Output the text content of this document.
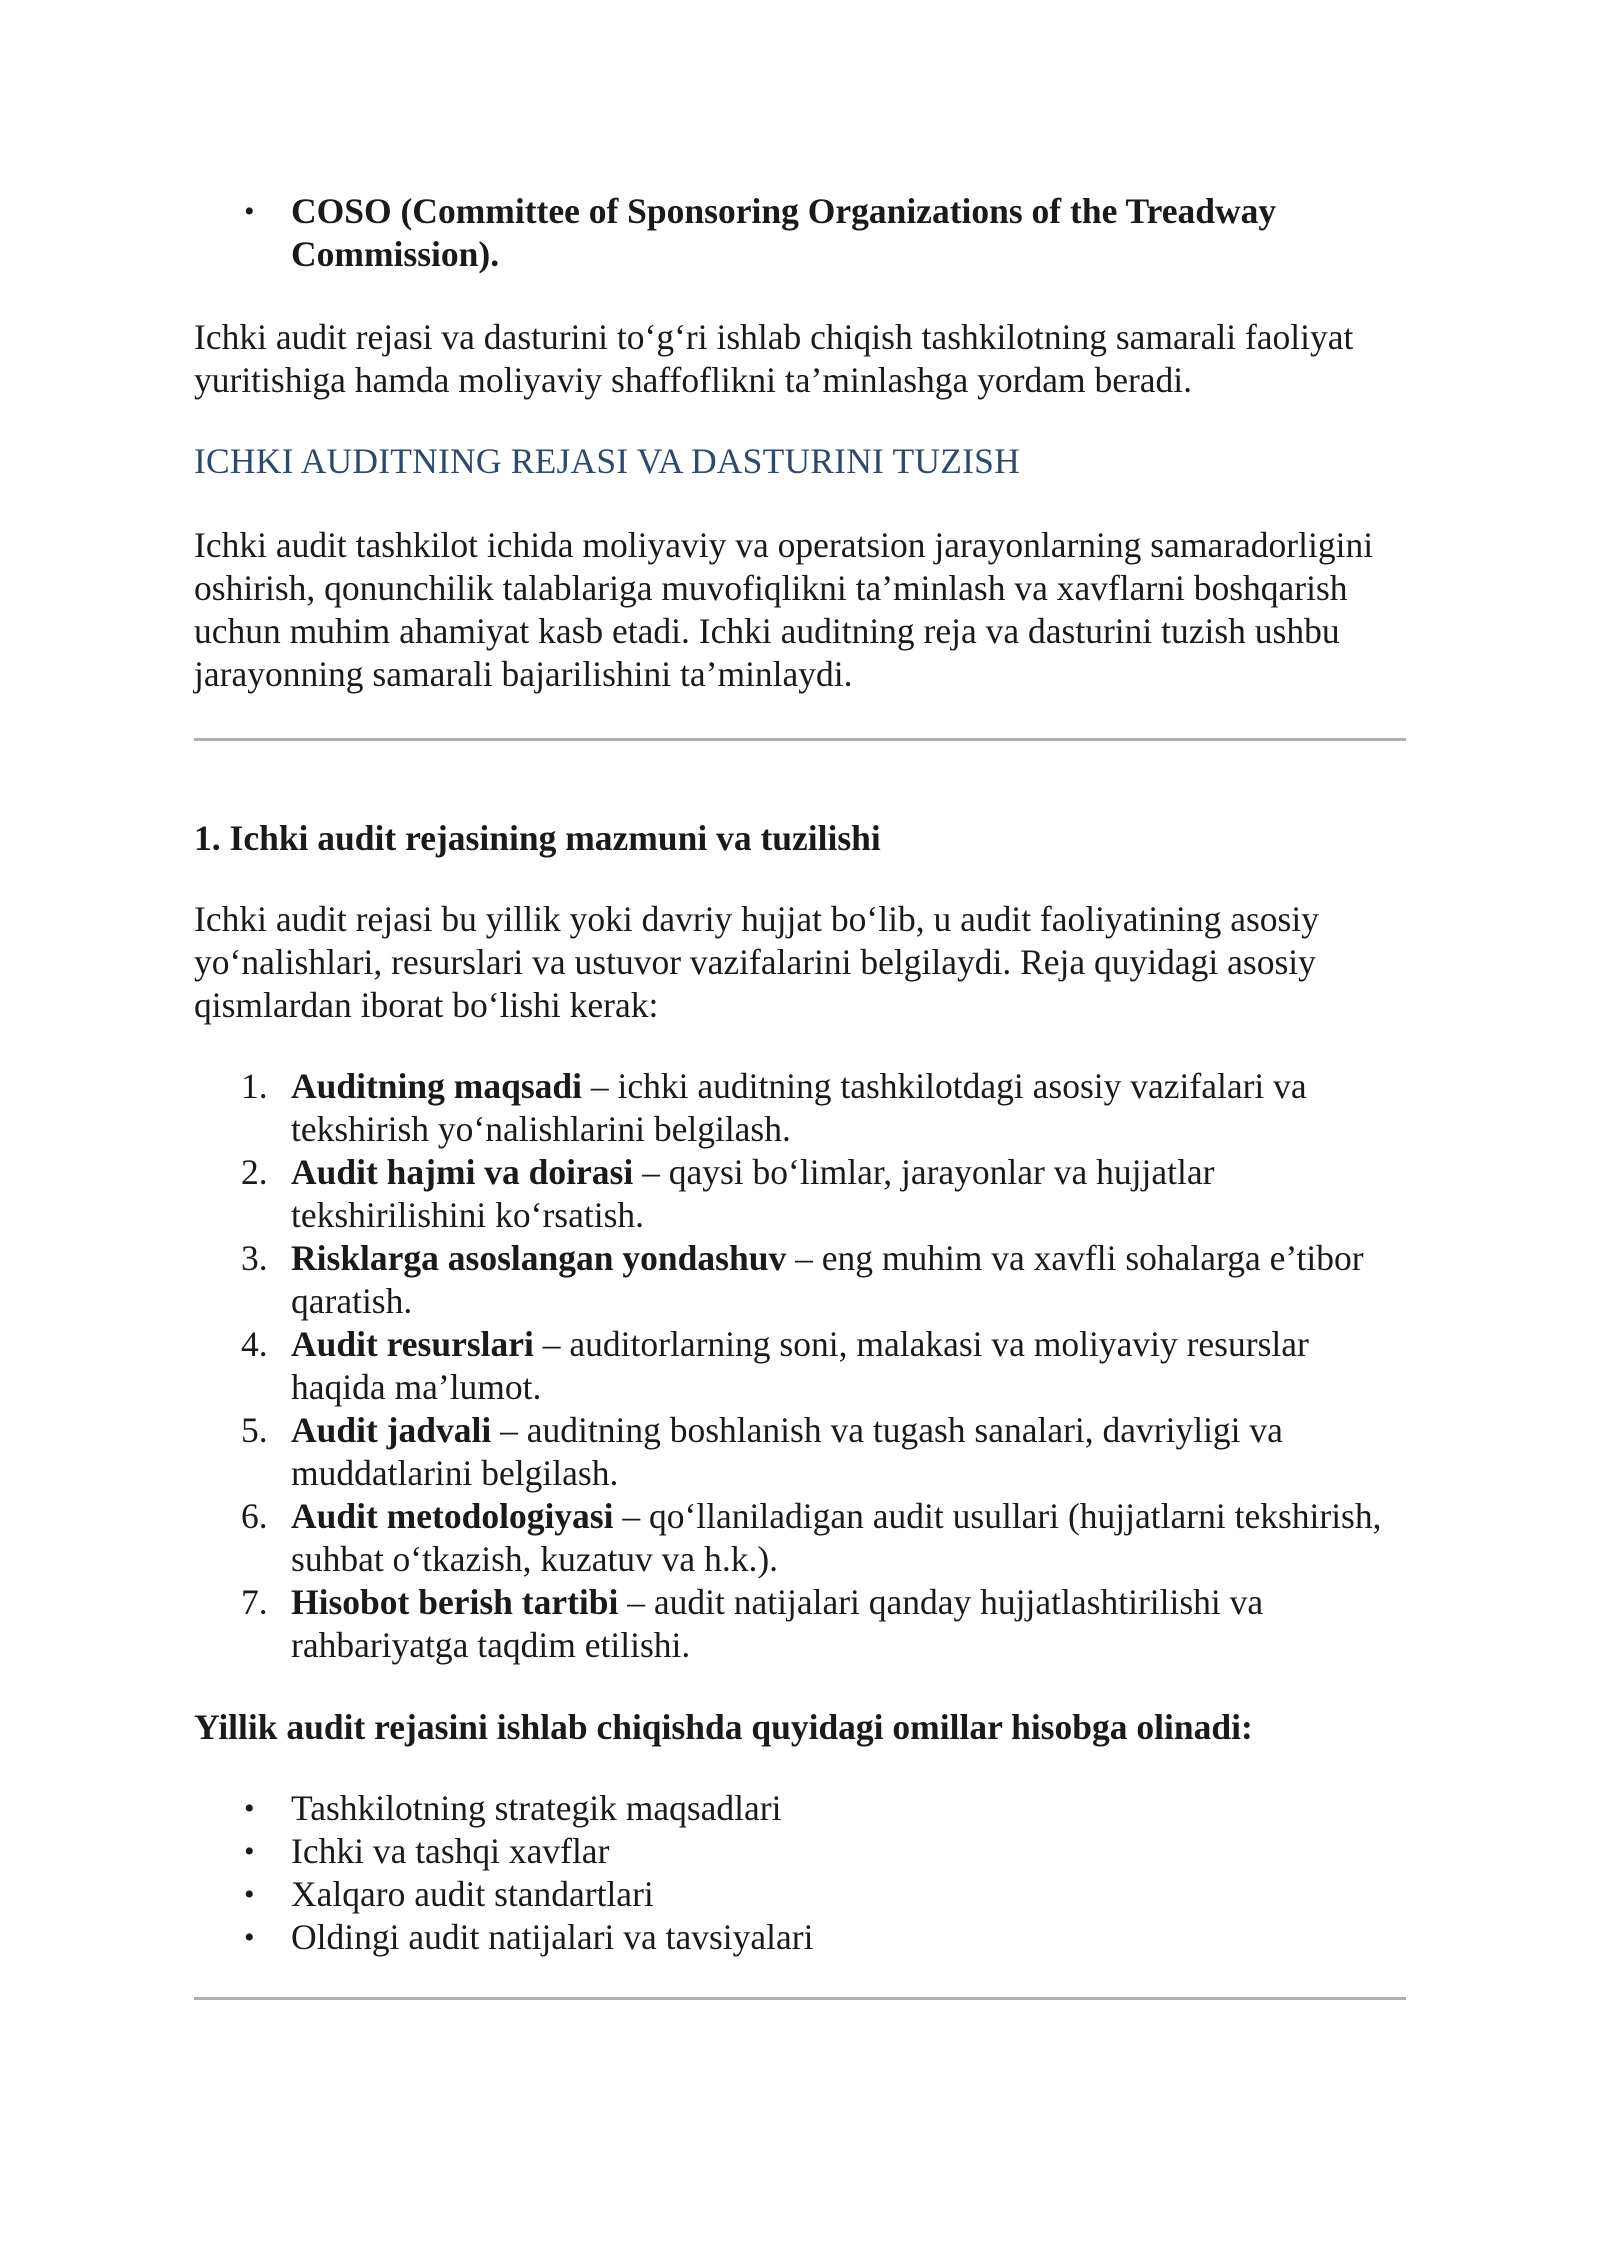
• COSO (Committee of Sponsoring Organizations of the Treadway Commission).

Ichki audit rejasi va dasturini to‘g‘ri ishlab chiqish tashkilotning samarali faoliyat yuritishiga hamda moliyaviy shaffoflikni ta’minlashga yordam beradi.

ICHKI AUDITNING REJASI VA DASTURINI TUZISH

Ichki audit tashkilot ichida moliyaviy va operatsion jarayonlarning samaradorligini oshirish, qonunchilik talablariga muvofiqlikni ta’minlash va xavflarni boshqarish uchun muhim ahamiyat kasb etadi. Ichki auditning reja va dasturini tuzish ushbu jarayonning samarali bajarilishini ta’minlaydi.

1. Ichki audit rejasining mazmuni va tuzilishi

Ichki audit rejasi bu yillik yoki davriy hujjat bo‘lib, u audit faoliyatining asosiy yo‘nalishlari, resurslari va ustuvor vazifalarini belgilaydi. Reja quyidagi asosiy qismlardan iborat bo‘lishi kerak:

1. Auditning maqsadi – ichki auditning tashkilotdagi asosiy vazifalari va tekshirish yo‘nalishlarini belgilash.
2. Audit hajmi va doirasi – qaysi bo‘limlar, jarayonlar va hujjatlar tekshirilishini ko‘rsatish.
3. Risklarga asoslangan yondashuv – eng muhim va xavfli sohalarga e’tibor qaratish.
4. Audit resurslari – auditorlarning soni, malakasi va moliyaviy resurslar haqida ma’lumot.
5. Audit jadvali – auditning boshlanish va tugash sanalari, davriyligi va muddatlarini belgilash.
6. Audit metodologiyasi – qo‘llaniladigan audit usullari (hujjatlarni tekshirish, suhbat o‘tkazish, kuzatuv va h.k.).
7. Hisobot berish tartibi – audit natijalari qanday hujjatlashtirilishi va rahbariyatga taqdim etilishi.

Yillik audit rejasini ishlab chiqishda quyidagi omillar hisobga olinadi:

• Tashkilotning strategik maqsadlari
• Ichki va tashqi xavflar
• Xalqaro audit standartlari
• Oldingi audit natijalari va tavsiyalari
